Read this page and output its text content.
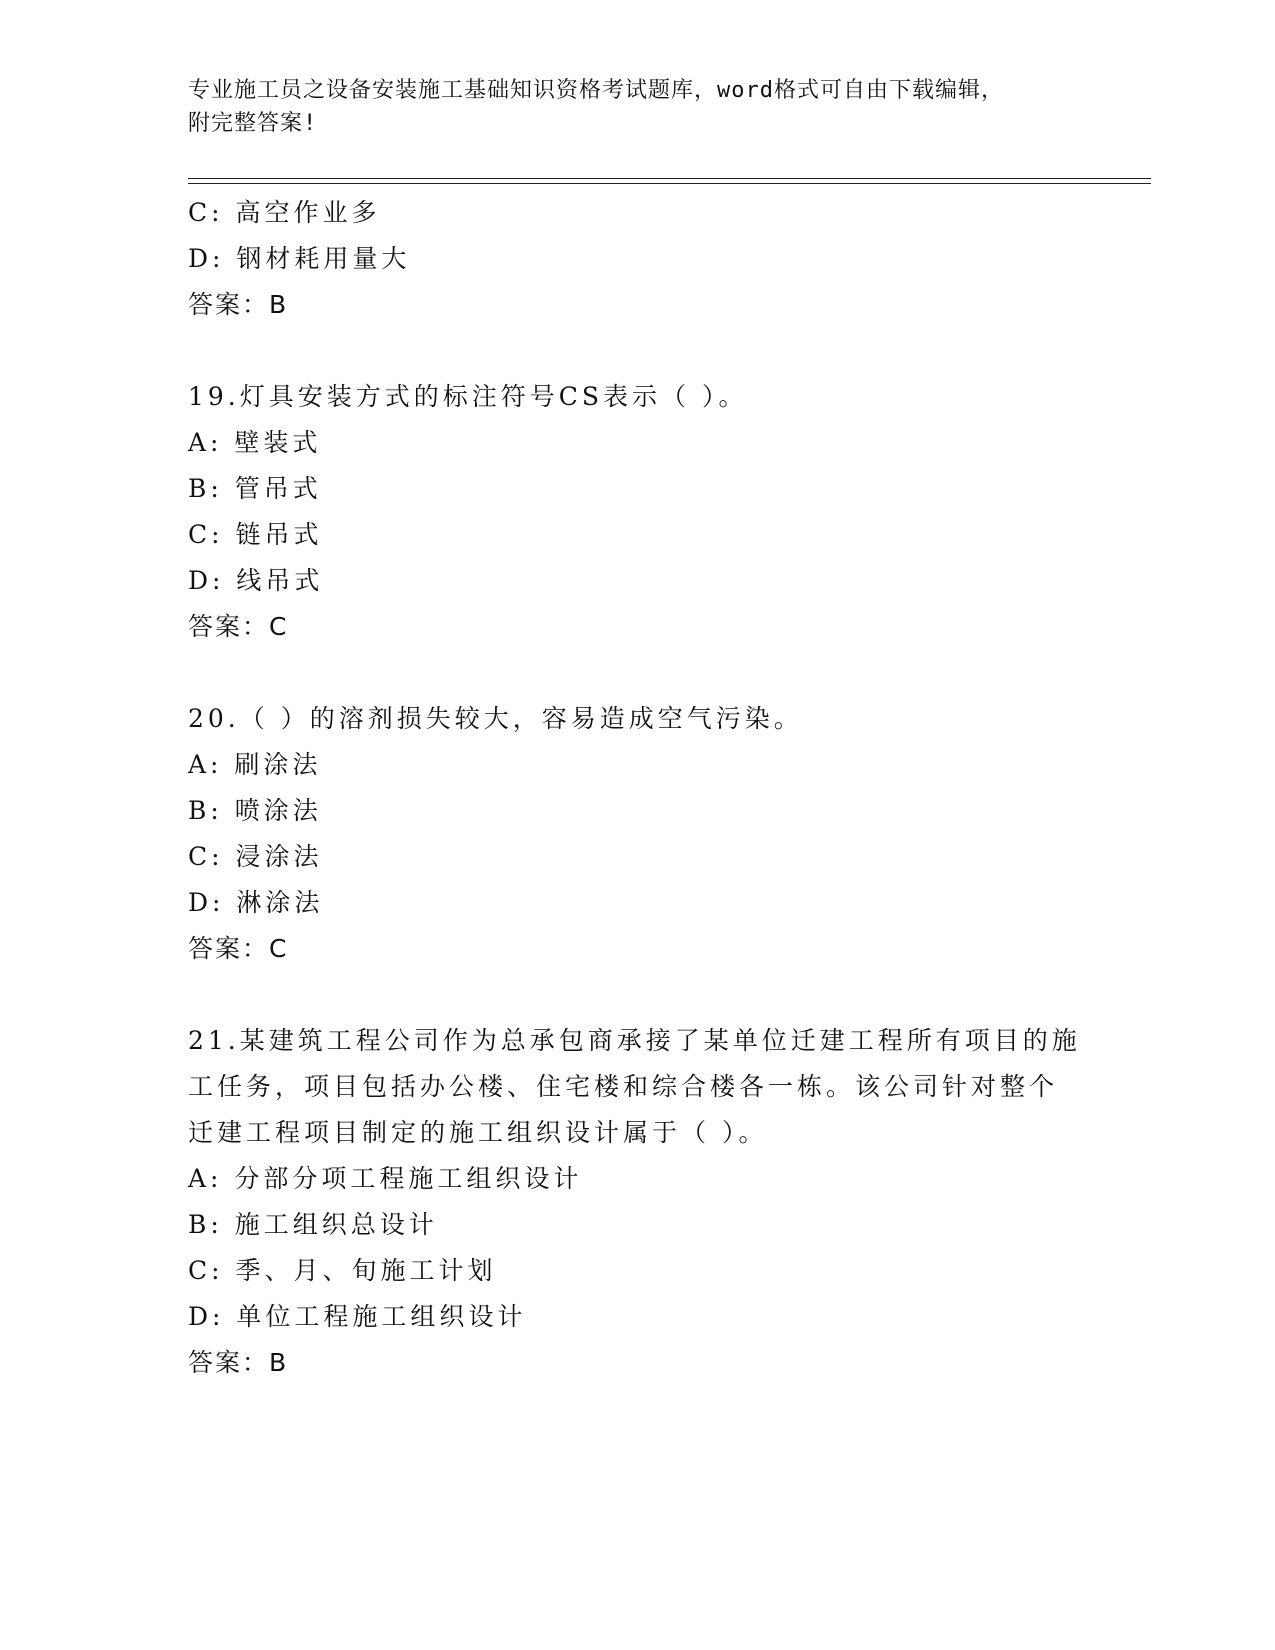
专业施工员之设备安装施工基础知识资格考试题库，word格式可自由下载编辑，
附完整答案!
C: 高空作业多
D: 钢材耗用量大
答案：B
19.灯具安装方式的标注符号CS表示（ ）。
A: 壁装式
B: 管吊式
C: 链吊式
D: 线吊式
答案：C
20.（ ）的溶剂损失较大，容易造成空气污染。
A: 刷涂法
B: 喷涂法
C: 浸涂法
D: 淋涂法
答案：C
21.某建筑工程公司作为总承包商承接了某单位迁建工程所有项目的施
工任务，项目包括办公楼、住宅楼和综合楼各一栋。该公司针对整个
迁建工程项目制定的施工组织设计属于（ ）。
A: 分部分项工程施工组织设计
B: 施工组织总设计
C: 季、月、旬施工计划
D: 单位工程施工组织设计
答案：B
